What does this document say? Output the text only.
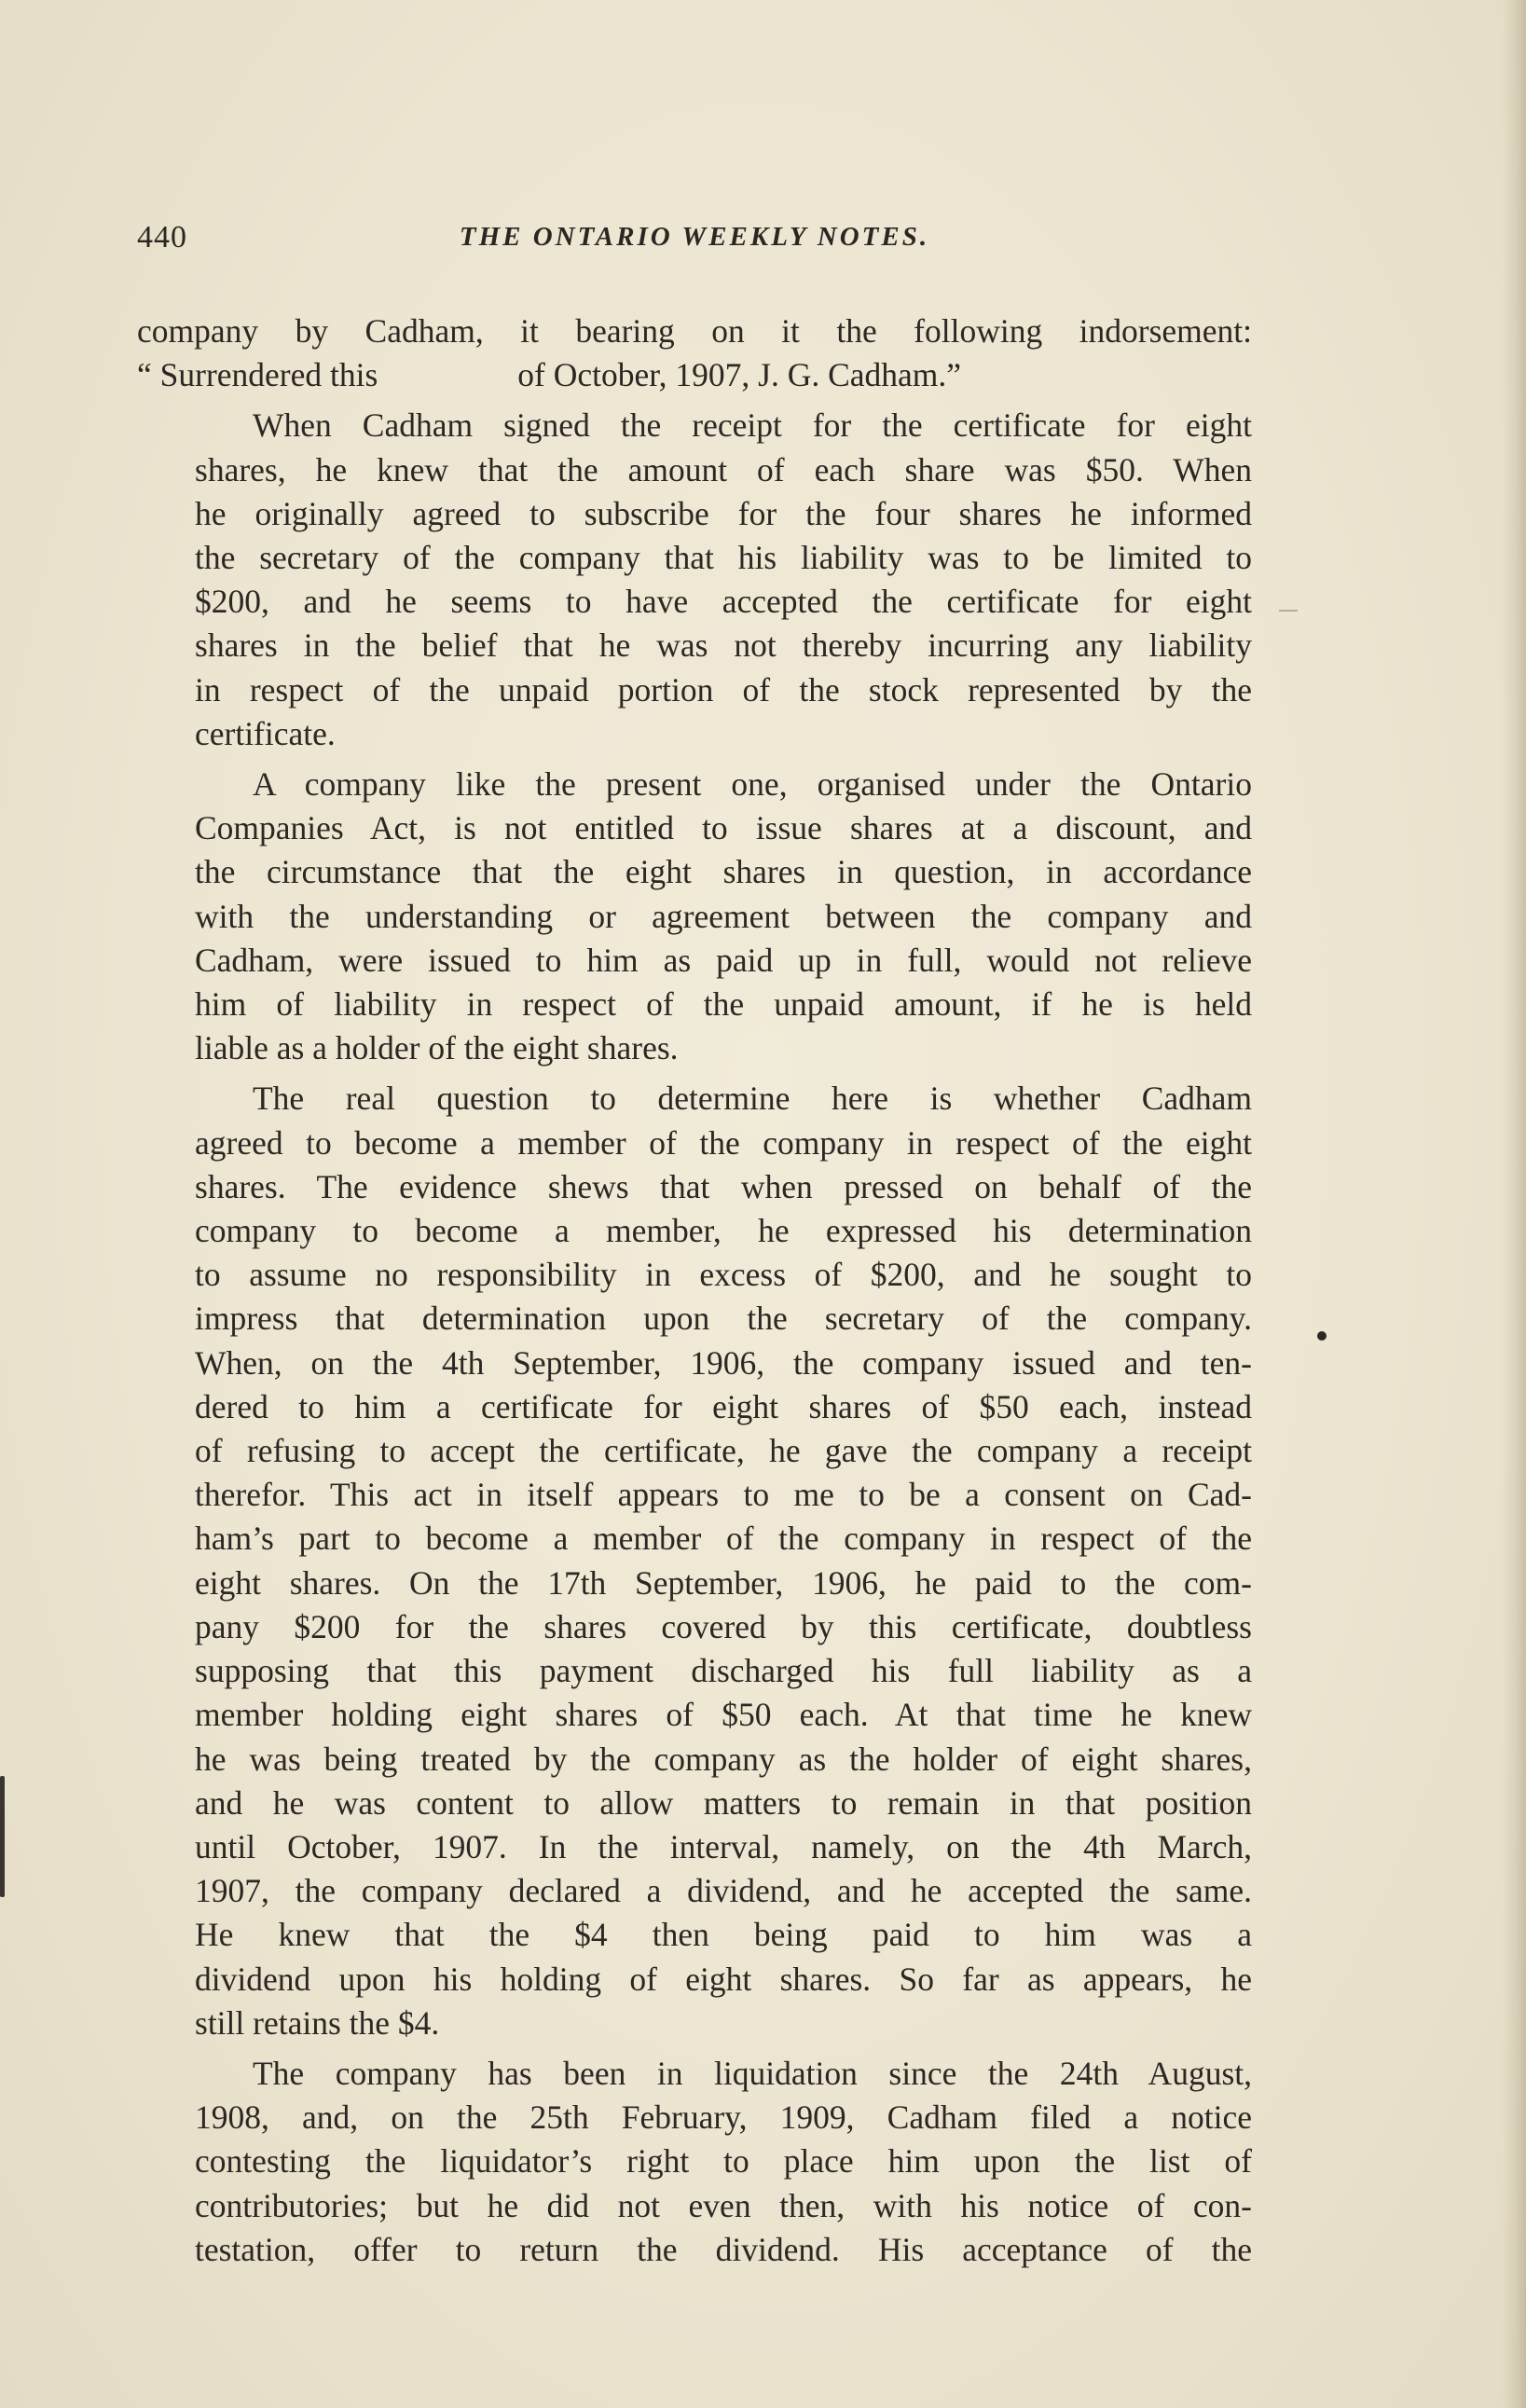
440	THE ONTARIO WEEKLY NOTES.

company by Cadham, it bearing on it the following indorsement:
“ Surrendered this	of October, 1907, J. G. Cadham.”

When Cadham signed the receipt for the certificate for eight
shares, he knew that the amount of each share was $50. When
he originally agreed to subscribe for the four shares he informed
the secretary of the company that his liability was to be limited to
$200, and he seems to have accepted the certificate for eight
shares in the belief that he was not thereby incurring any liability
in respect of the unpaid portion of the stock represented by the
certificate.

A company like the present one, organised under the Ontario
Companies Act, is not entitled to issue shares at a discount, and
the circumstance that the eight shares in question, in accordance
with the understanding or agreement between the company and
Cadham, were issued to him as paid up in full, would not relieve
him of liability in respect of the unpaid amount, if he is held
liable as a holder of the eight shares.

The real question to determine here is whether Cadham
agreed to become a member of the company in respect of the eight
shares. The evidence shews that when pressed on behalf of the
company to become a member, he expressed his determination
to assume no responsibility in excess of $200, and he sought to
impress that determination upon the secretary of the company.
When, on the 4th September, 1906, the company issued and ten-
dered to him a certificate for eight shares of $50 each, instead
of refusing to accept the certificate, he gave the company a receipt
therefor. This act in itself appears to me to be a consent on Cad-
ham’s part to become a member of the company in respect of the
eight shares. On the 17th September, 1906, he paid to the com-
pany $200 for the shares covered by this certificate, doubtless
supposing that this payment discharged his full liability as a
member holding eight shares of $50 each. At that time he knew
he was being treated by the company as the holder of eight shares,
and he was content to allow matters to remain in that position
until October, 1907. In the interval, namely, on the 4th March,
1907, the company declared a dividend, and he accepted the same.
He knew that the $4 then being paid to him was a
dividend upon his holding of eight shares. So far as appears, he
still retains the $4.

The company has been in liquidation since the 24th August,
1908, and, on the 25th February, 1909, Cadham filed a notice
contesting the liquidator’s right to place him upon the list of
contributories; but he did not even then, with his notice of con-
testation, offer to return the dividend. His acceptance of the
